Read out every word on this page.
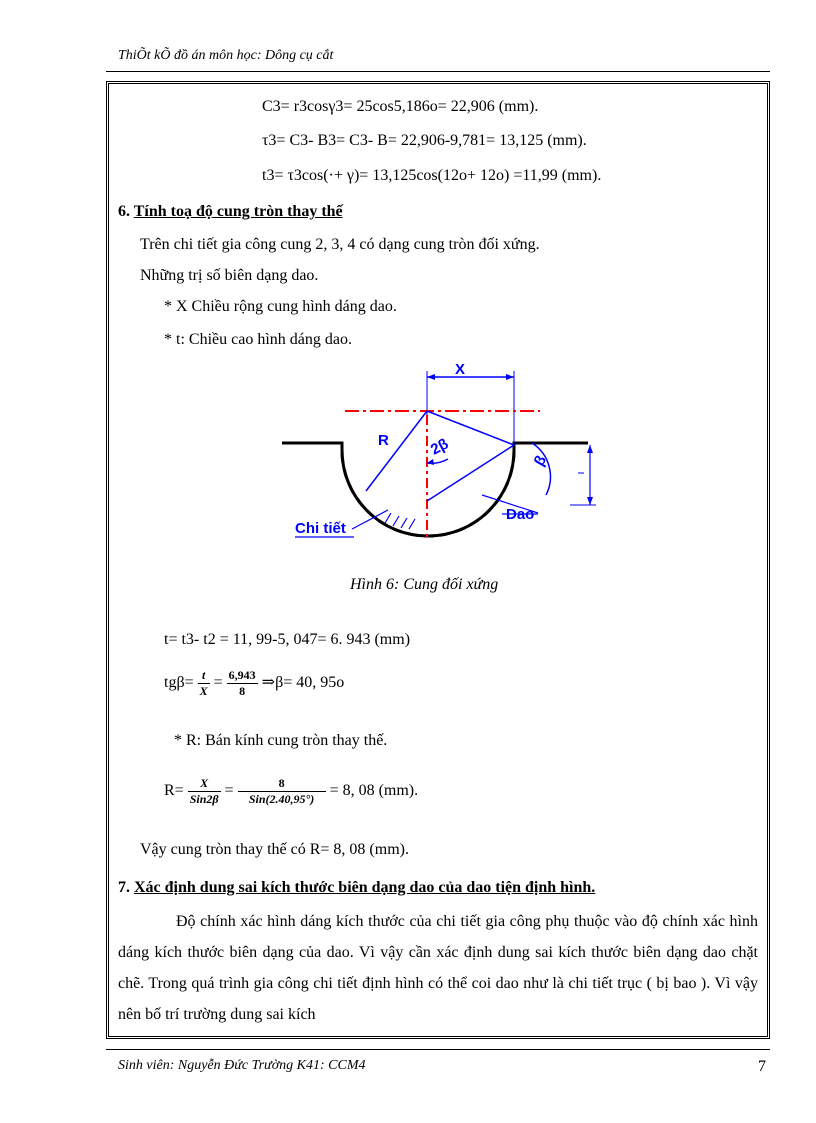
ThiÕt kÕ đồ án môn học: Dông cụ cắt
C3= r3cosγ3= 25cos5,186o= 22,906 (mm).
τ3= C3- B3= C3- B= 22,906-9,781= 13,125 (mm).
t3= τ3cos(·+ γ)= 13,125cos(12o+ 12o) =11,99 (mm).
6. Tính toạ độ cung tròn thay thế
Trên chi tiết gia công cung 2, 3, 4 có dạng cung tròn đối xứng.
Những trị số biên dạng dao.
* X Chiều rộng cung hình dáng dao.
* t: Chiều cao hình dáng dao.
X
R	2β
β
Chi tiết
Dao
Hình 6: Cung đối xứng
t= t3- t2 = 11, 99-5, 047= 6. 943 (mm)
$tg\beta= \frac{t}{X} = \frac{6,943}{8}$ ⇒β= 40, 95o
* R: Bán kính cung tròn thay thế.
$R= \frac{X}{\text{Sin2β}} = \frac{8}{\text{Sin(2.40,95°)}} = 8$, 08 (mm).
Vậy cung tròn thay thế có R= 8, 08 (mm).
7. Xác định dung sai kích thước biên dạng dao của dao tiện định hình.
Độ chính xác hình dáng kích thước của chi tiết gia công phụ thuộc vào độ chính xác hình dáng kích thước biên dạng của dao. Vì vậy cần xác định dung sai kích thước biên dạng dao chặt chẽ. Trong quá trình gia công chi tiết định hình có thể coi dao như là chi tiết trục ( bị bao ). Vì vậy nên bố trí trường dung sai kích
Sinh viên: Nguyễn Đức Trường K41: CCM4	7
